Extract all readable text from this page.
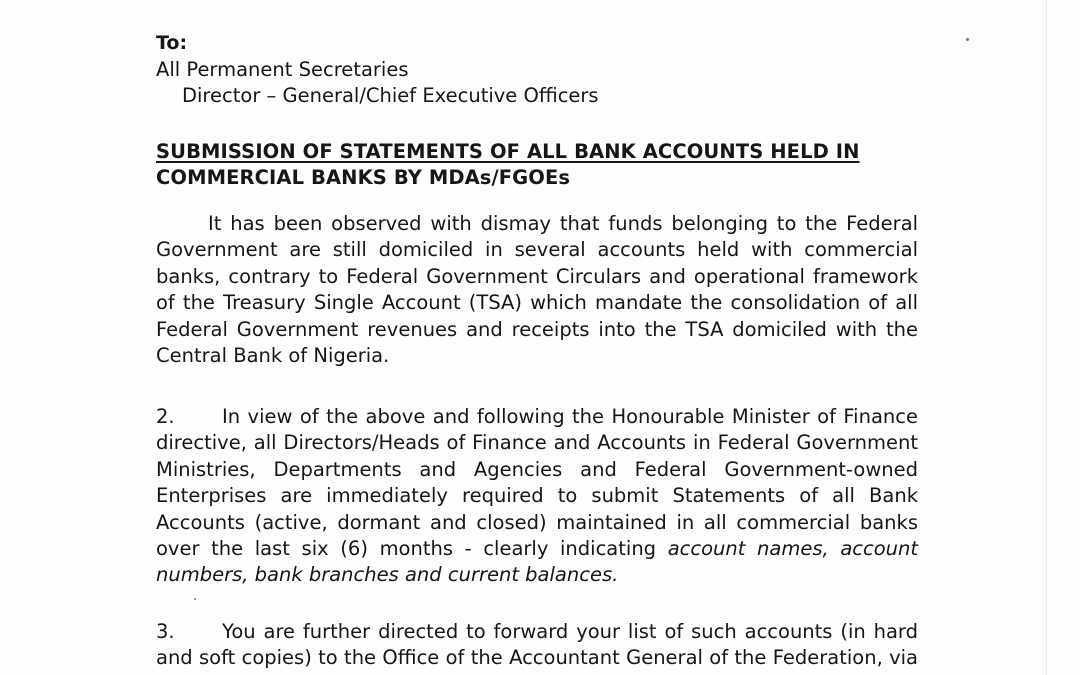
To:
All Permanent Secretaries
Director – General/Chief Executive Officers
SUBMISSION OF STATEMENTS OF ALL BANK ACCOUNTS HELD IN
COMMERCIAL BANKS BY MDAs/FGOEs
It has been observed with dismay that funds belonging to the Federal
Government are still domiciled in several accounts held with commercial
banks, contrary to Federal Government Circulars and operational framework
of the Treasury Single Account (TSA) which mandate the consolidation of all
Federal Government revenues and receipts into the TSA domiciled with the
Central Bank of Nigeria.
2. In view of the above and following the Honourable Minister of Finance
directive, all Directors/Heads of Finance and Accounts in Federal Government
Ministries, Departments and Agencies and Federal Government-owned
Enterprises are immediately required to submit Statements of all Bank
Accounts (active, dormant and closed) maintained in all commercial banks
over the last six (6) months - clearly indicating account names, account
numbers, bank branches and current balances.
3. You are further directed to forward your list of such accounts (in hard
and soft copies) to the Office of the Accountant General of the Federation, via
